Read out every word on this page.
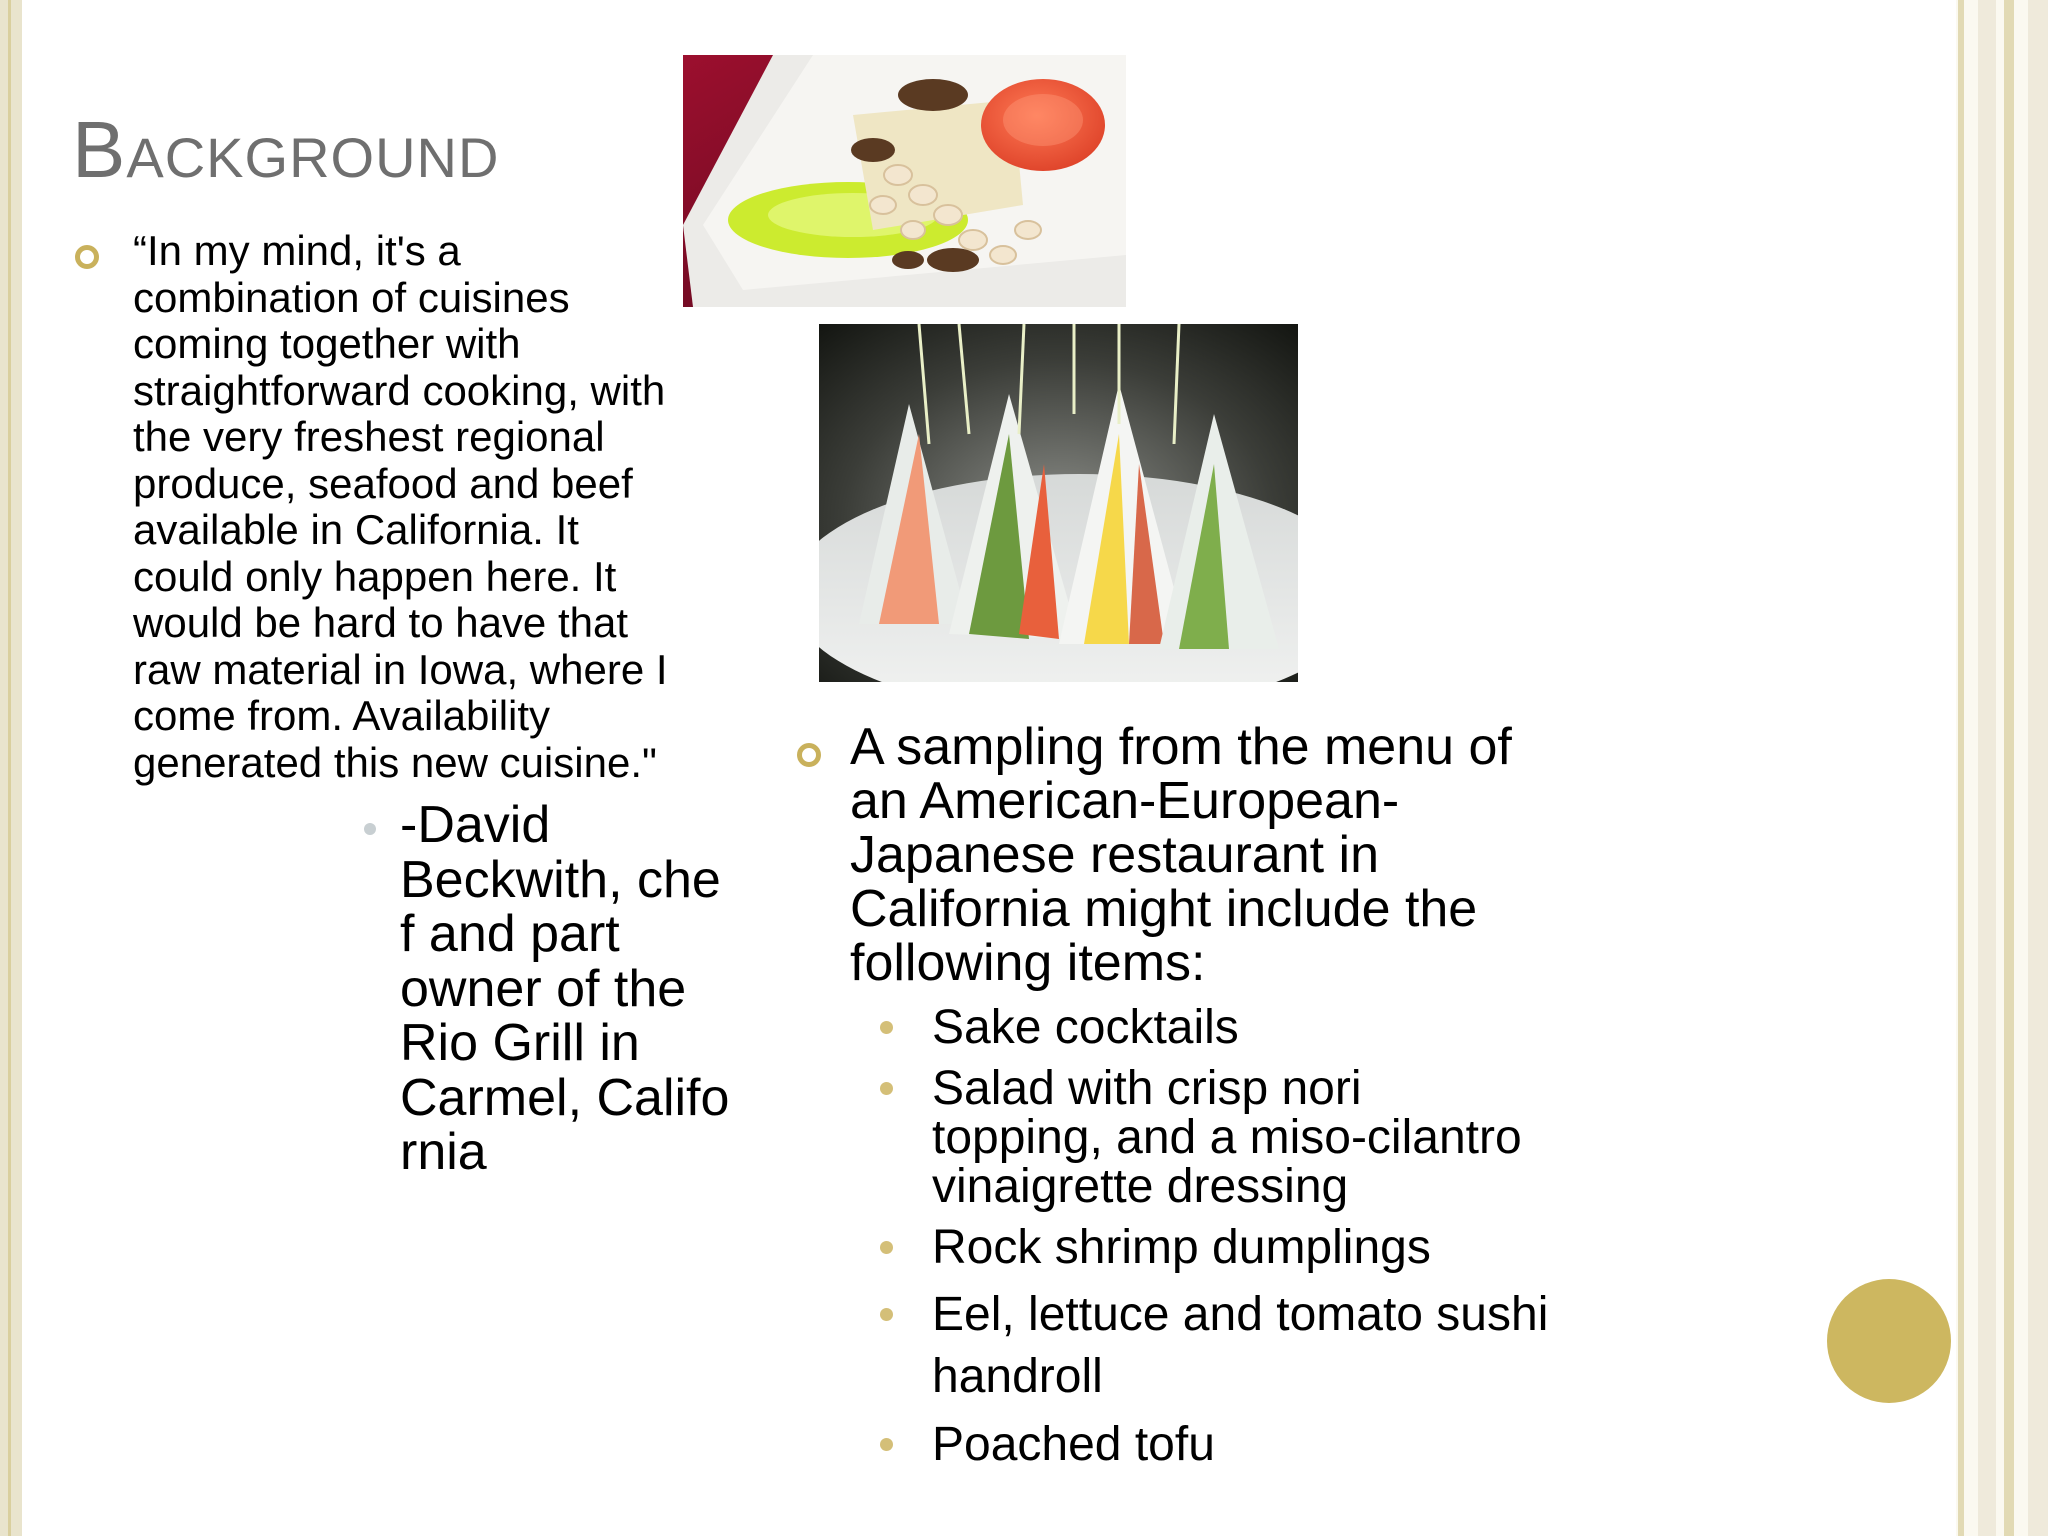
Background
“In my mind, it's a
combination of cuisines
coming together with
straightforward cooking, with
the very freshest regional
produce, seafood and beef
available in California. It
could only happen here. It
would be hard to have that
raw material in Iowa, where I
come from. Availability
generated this new cuisine."
-David
Beckwith, che
f and part
owner of the
Rio Grill in
Carmel, Califo
rnia
A sampling from the menu of
an American-European-
Japanese restaurant in
California might include the
following items:
Sake cocktails
Salad with crisp nori
topping, and a miso-cilantro
vinaigrette dressing
Rock shrimp dumplings
Eel, lettuce and tomato sushi
handroll
Poached tofu
